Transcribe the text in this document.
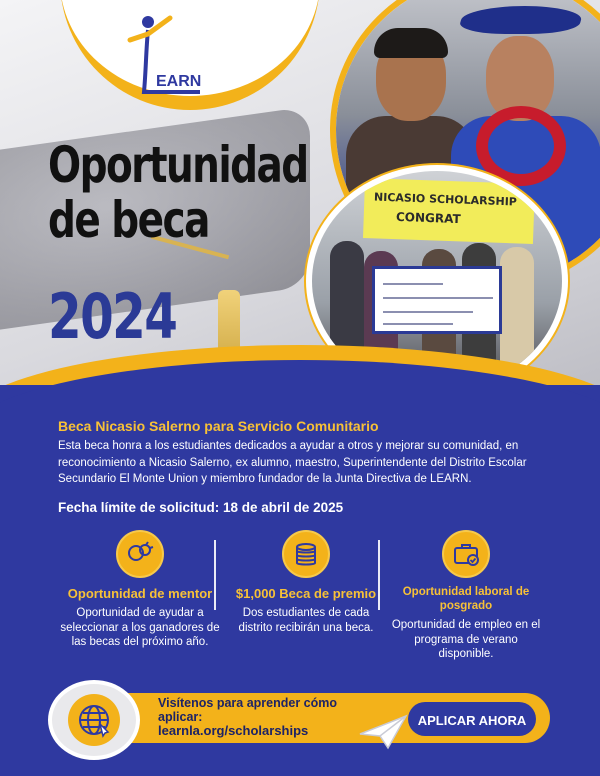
EARN
Oportunidad
de beca
2024
NICASIO SCHOLARSHIP
CONGRAT
Beca Nicasio Salerno para Servicio Comunitario
Esta beca honra a los estudiantes dedicados a ayudar a otros y mejorar su comunidad, en reconocimiento a Nicasio Salerno, ex alumno, maestro, Superintendente del Distrito Escolar Secundario El Monte Union y miembro fundador de la Junta Directiva de LEARN.
Fecha límite de solicitud: 18 de abril de 2025
Oportunidad de mentor
Oportunidad de ayudar a seleccionar a los ganadores de las becas del próximo año.
$1,000 Beca de premio
Dos estudiantes de cada distrito recibirán una beca.
Oportunidad laboral de posgrado
Oportunidad de empleo en el programa de verano disponible.
Visítenos para aprender cómo aplicar:
learnla.org/scholarships
APLICAR AHORA
